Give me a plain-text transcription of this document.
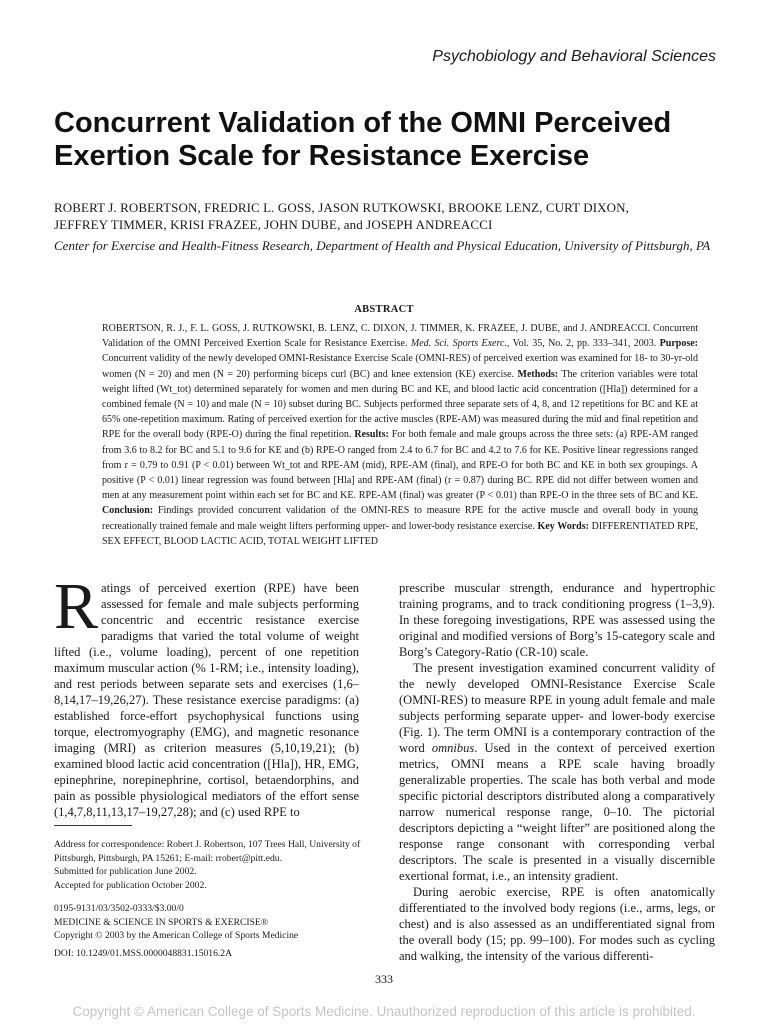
Psychobiology and Behavioral Sciences
Concurrent Validation of the OMNI Perceived
Exertion Scale for Resistance Exercise
ROBERT J. ROBERTSON, FREDRIC L. GOSS, JASON RUTKOWSKI, BROOKE LENZ, CURT DIXON,
JEFFREY TIMMER, KRISI FRAZEE, JOHN DUBE, and JOSEPH ANDREACCI
Center for Exercise and Health-Fitness Research, Department of Health and Physical Education, University of Pittsburgh, PA
ABSTRACT
ROBERTSON, R. J., F. L. GOSS, J. RUTKOWSKI, B. LENZ, C. DIXON, J. TIMMER, K. FRAZEE, J. DUBE, and J. ANDREACCI. Concurrent Validation of the OMNI Perceived Exertion Scale for Resistance Exercise. Med. Sci. Sports Exerc., Vol. 35, No. 2, pp. 333–341, 2003. Purpose: Concurrent validity of the newly developed OMNI-Resistance Exercise Scale (OMNI-RES) of perceived exertion was examined for 18- to 30-yr-old women (N = 20) and men (N = 20) performing biceps curl (BC) and knee extension (KE) exercise. Methods: The criterion variables were total weight lifted (Wt_tot) determined separately for women and men during BC and KE, and blood lactic acid concentration ([Hla]) determined for a combined female (N = 10) and male (N = 10) subset during BC. Subjects performed three separate sets of 4, 8, and 12 repetitions for BC and KE at 65% one-repetition maximum. Rating of perceived exertion for the active muscles (RPE-AM) was measured during the mid and final repetition and RPE for the overall body (RPE-O) during the final repetition. Results: For both female and male groups across the three sets: (a) RPE-AM ranged from 3.6 to 8.2 for BC and 5.1 to 9.6 for KE and (b) RPE-O ranged from 2.4 to 6.7 for BC and 4.2 to 7.6 for KE. Positive linear regressions ranged from r = 0.79 to 0.91 (P < 0.01) between Wt_tot and RPE-AM (mid), RPE-AM (final), and RPE-O for both BC and KE in both sex groupings. A positive (P < 0.01) linear regression was found between [Hla] and RPE-AM (final) (r = 0.87) during BC. RPE did not differ between women and men at any measurement point within each set for BC and KE. RPE-AM (final) was greater (P < 0.01) than RPE-O in the three sets of BC and KE. Conclusion: Findings provided concurrent validation of the OMNI-RES to measure RPE for the active muscle and overall body in young recreationally trained female and male weight lifters performing upper- and lower-body resistance exercise. Key Words: DIFFERENTIATED RPE, SEX EFFECT, BLOOD LACTIC ACID, TOTAL WEIGHT LIFTED

Ratings of perceived exertion (RPE) have been assessed for female and male subjects performing concentric and eccentric resistance exercise paradigms that varied the total volume of weight lifted (i.e., volume loading), percent of one repetition maximum muscular action (% 1-RM; i.e., intensity loading), and rest periods between separate sets and exercises (1,6–8,14,17–19,26,27). These resistance exercise paradigms: (a) established force-effort psychophysical functions using torque, electromyography (EMG), and magnetic resonance imaging (MRI) as criterion measures (5,10,19,21); (b) examined blood lactic acid concentration ([Hla]), HR, EMG, epinephrine, norepinephrine, cortisol, betaendorphins, and pain as possible physiological mediators of the effort sense (1,4,7,8,11,13,17–19,27,28); and (c) used RPE to

prescribe muscular strength, endurance and hypertrophic training programs, and to track conditioning progress (1–3,9). In these foregoing investigations, RPE was assessed using the original and modified versions of Borg’s 15-category scale and Borg’s Category-Ratio (CR-10) scale.

The present investigation examined concurrent validity of the newly developed OMNI-Resistance Exercise Scale (OMNI-RES) to measure RPE in young adult female and male subjects performing separate upper- and lower-body exercise (Fig. 1). The term OMNI is a contemporary contraction of the word omnibus. Used in the context of perceived exertion metrics, OMNI means a RPE scale having broadly generalizable properties. The scale has both verbal and mode specific pictorial descriptors distributed along a comparatively narrow numerical response range, 0–10. The pictorial descriptors depicting a “weight lifter” are positioned along the response range consonant with corresponding verbal descriptors. The scale is presented in a visually discernible exertional format, i.e., an intensity gradient.

During aerobic exercise, RPE is often anatomically differentiated to the involved body regions (i.e., arms, legs, or chest) and is also assessed as an undifferentiated signal from the overall body (15; pp. 99–100). For modes such as cycling and walking, the intensity of the various differenti-

Address for correspondence: Robert J. Robertson, 107 Trees Hall, University of Pittsburgh, Pittsburgh, PA 15261; E-mail: rrobert@pitt.edu.
Submitted for publication June 2002.
Accepted for publication October 2002.
0195-9131/03/3502-0333/$3.00/0
MEDICINE & SCIENCE IN SPORTS & EXERCISE®
Copyright © 2003 by the American College of Sports Medicine
DOI: 10.1249/01.MSS.0000048831.15016.2A
333
Copyright © American College of Sports Medicine. Unauthorized reproduction of this article is prohibited.
